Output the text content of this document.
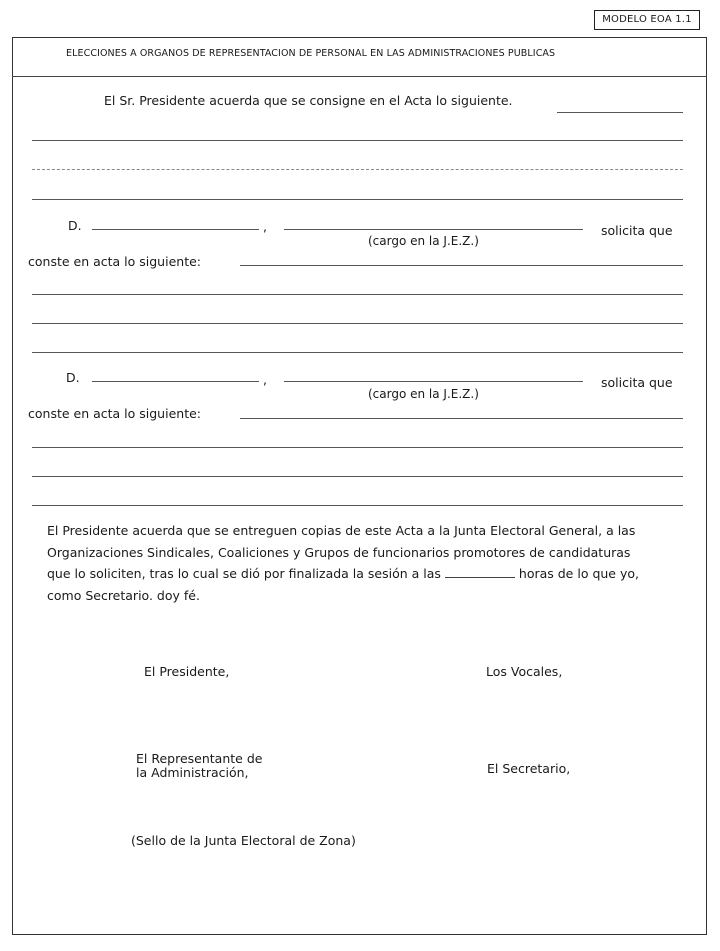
MODELO EOA 1.1
ELECCIONES A ORGANOS DE REPRESENTACION DE PERSONAL EN LAS ADMINISTRACIONES PUBLICAS
El Sr. Presidente acuerda que se consigne en el Acta lo siguiente.
D.	,
(cargo en la J.E.Z.)
solicita que
conste en acta lo siguiente:
D.	,
(cargo en la J.E.Z.)
solicita que
conste en acta lo siguiente:
El Presidente acuerda que se entreguen copias de este Acta a la Junta Electoral General, a las
Organizaciones Sindicales, Coaliciones y Grupos de funcionarios promotores de candidaturas
que lo soliciten, tras lo cual se dió por finalizada la sesión a las	horas de lo que yo,
como Secretario. doy fé.
El Presidente,	Los Vocales,
El Representante de
la Administración,	El Secretario,
(Sello de la Junta Electoral de Zona)
